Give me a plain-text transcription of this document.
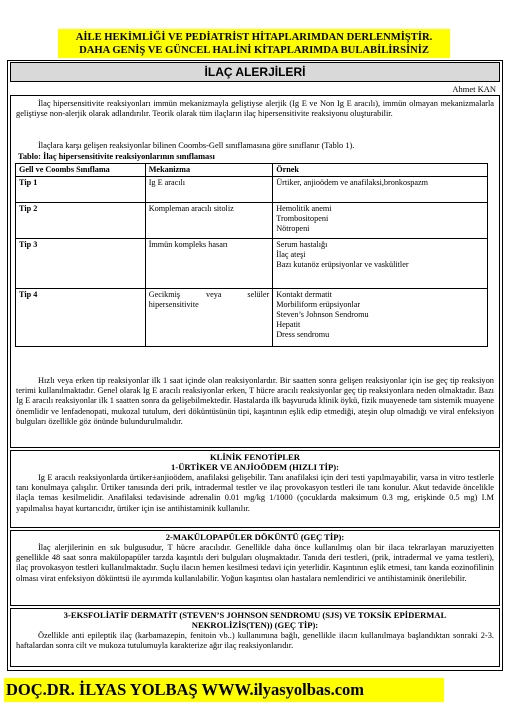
AİLE HEKİMLİĞİ VE PEDİATRİST HİTAPLARIMDAN DERLENMİŞTİR.
DAHA GENİŞ VE GÜNCEL HALİNİ KİTAPLARIMDA BULABİLİRSİNİZ
İLAÇ ALERJİLERİ
Ahmet KAN
İlaç hipersensitivite reaksiyonları immün mekanizmayla geliştiyse alerjik (Ig E ve Non Ig E aracılı), immün olmayan mekanizmalarla geliştiyse non-alerjik olarak adlandırılır. Teorik olarak tüm ilaçların ilaç hipersensitivite reaksiyonu oluşturabilir.
İlaçlara karşı gelişen reaksiyonlar bilinen Coombs-Gell sınıflamasına göre sınıflanır (Tablo 1).
Tablo: İlaç hipersensitivite reaksiyonlarının sınıflaması
Gell ve Coombs Sınıflama	Mekanizma	Örnek
Tip 1	Ig E aracılı	Ürtiker, anjioödem ve anafilaksi,bronkospazm

Tip 2	Kompleman aracılı sitoliz	Hemolitik anemi
Trombositopeni
Nötropeni

Tip 3	İmmün kompleks hasarı	Serum hastalığı
İlaç ateşi
Bazı kutanöz erüpsiyonlar ve vaskülitler

Tip 4	Gecikmiş veya selüler hipersensitivite	Kontakt dermatit
Morbiliform erüpsiyonlar
Steven’s Johnson Sendromu
Hepatit
Dress sendromu
Hızlı veya erken tip reaksiyonlar ilk 1 saat içinde olan reaksiyonlardır. Bir saatten sonra gelişen reaksiyonlar için ise geç tip reaksiyon terimi kullanılmaktadır. Genel olarak Ig E aracılı reaksiyonlar erken, T hücre aracılı reaksiyonlar geç tip reaksiyonlara neden olmaktadır. Bazı Ig E aracılı reaksiyonlar ilk 1 saatten sonra da gelişebilmektedir. Hastalarda ilk başvuruda klinik öykü, fizik muayenede tam sistemik muayene önemlidir ve lenfadenopati, mukozal tutulum, deri döküntüsünün tipi, kaşıntının eşlik edip etmediği, ateşin olup olmadığı ve viral enfeksiyon bulguları özellikle göz önünde bulundurulmalıdır.
KLİNİK FENOTİPLER
1-ÜRTİKER VE ANJİOÖDEM (HIZLI TİP):
Ig E aracılı reaksiyonlarda ürtiker±anjioödem, anafilaksi gelişebilir. Tanı anafilaksi için deri testi yapılmayabilir, varsa in vitro testlerle tanı konulmaya çalışılır. Ürtiker tanısında deri prik, intradermal testler ve ilaç provokasyon testleri ile tanı konulur. Akut tedavide öncelikle ilaçla temas kesilmelidir. Anafilaksi tedavisinde adrenalin 0.01 mg/kg 1/1000 (çocuklarda maksimum 0.3 mg, erişkinde 0.5 mg) I.M yapılmalısı hayat kurtarıcıdır, ürtiker için ise antihistaminik kullanılır.
2-MAKÜLOPAPÜLER DÖKÜNTÜ (GEÇ TİP):
İlaç alerjilerinin en sık bulgusudur, T hücre aracılıdır. Genellikle daha önce kullanılmış olan bir ilaca tekrarlayan maruziyetten genellikle 48 saat sonra makülopapüler tarzda kaşıntılı deri bulguları oluşmaktadır. Tanıda deri testleri, (prik, intradermal ve yama testleri), ilaç provokasyon testleri kullanılmaktadır. Suçlu ilacın hemen kesilmesi tedavi için yeterlidir. Kaşıntının eşlik etmesi, tanı kanda eozinofilinin olması virat enfeksiyon dökünttsü ile ayırımda kullanılabilir. Yoğun kaşıntısı olan hastalara nemlendirici ve antihistaminik önerilebilir.
3-EKSFOLİATİF DERMATİT (STEVEN’S JOHNSON SENDROMU (SJS) VE TOKSİK EPİDERMAL NEKROLİZİS(TEN)) (GEÇ TİP):
Özellikle anti epileptik ilaç (karbamazepin, fenitoin vb..) kullanımına bağlı, genellikle ilacın kullanılmaya başlandıktan sonraki 2-3. haftalardan sonra cilt ve mukoza tutulumuyla karakterize ağır ilaç reaksiyonlarıdır.
DOÇ.DR. İLYAS YOLBAŞ WWW.ilyasyolbas.com
